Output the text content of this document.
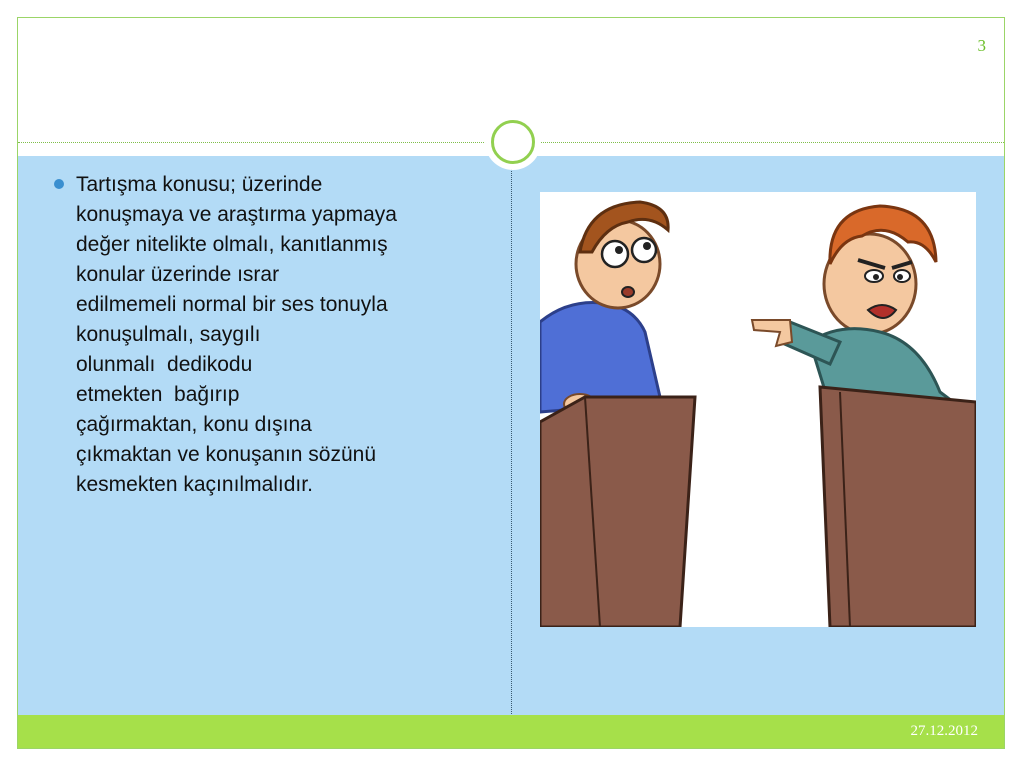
3
Tartışma konusu; üzerinde
konuşmaya ve araştırma yapmaya
değer nitelikte olmalı, kanıtlanmış
konular üzerinde ısrar
edilmemeli normal bir ses tonuyla
konuşulmalı, saygılı
olunmalı  dedikodu
etmekten  bağırıp
çağırmaktan, konu dışına
çıkmaktan ve konuşanın sözünü
kesmekten kaçınılmalıdır.
27.12.2012
